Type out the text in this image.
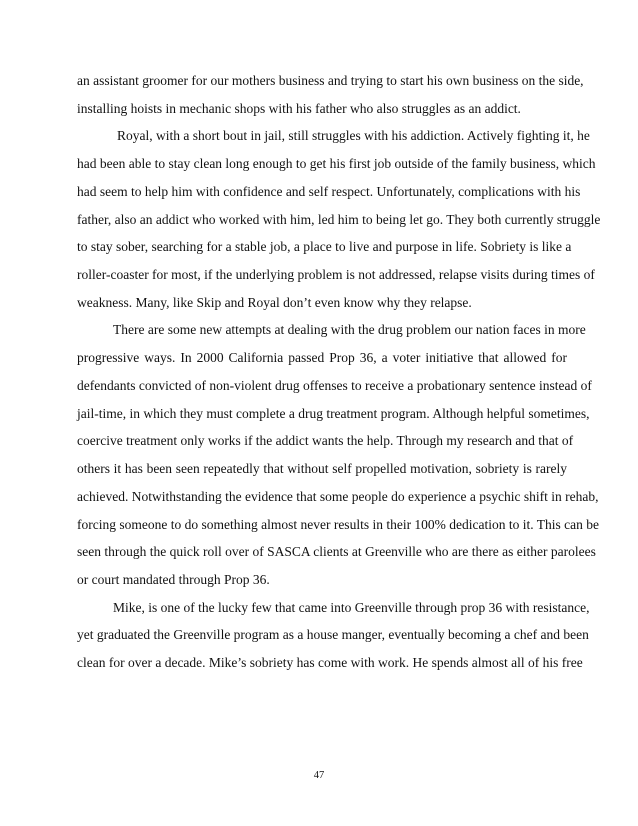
an assistant groomer for our mothers business and trying to start his own business on the side,
installing hoists in mechanic shops with his father who also struggles as an addict.
Royal, with a short bout in jail, still struggles with his addiction. Actively fighting it, he
had been able to stay clean long enough to get his first job outside of the family business, which
had seem to help him with confidence and self respect. Unfortunately, complications with his
father, also an addict who worked with him, led him to being let go. They both currently struggle
to stay sober, searching for a stable job, a place to live and purpose in life. Sobriety is like a
roller-coaster for most, if the underlying problem is not addressed, relapse visits during times of
weakness. Many, like Skip and Royal don’t even know why they relapse.
There are some new attempts at dealing with the drug problem our nation faces in more
progressive ways. In 2000 California passed Prop 36, a voter initiative that allowed for
defendants convicted of non-violent drug offenses to receive a probationary sentence instead of
jail-time, in which they must complete a drug treatment program. Although helpful sometimes,
coercive treatment only works if the addict wants the help. Through my research and that of
others it has been seen repeatedly that without self propelled motivation, sobriety is rarely
achieved. Notwithstanding the evidence that some people do experience a psychic shift in rehab,
forcing someone to do something almost never results in their 100% dedication to it. This can be
seen through the quick roll over of SASCA clients at Greenville who are there as either parolees
or court mandated through Prop 36.
Mike, is one of the lucky few that came into Greenville through prop 36 with resistance,
yet graduated the Greenville program as a house manger, eventually becoming a chef and been
clean for over a decade. Mike’s sobriety has come with work. He spends almost all of his free
47
